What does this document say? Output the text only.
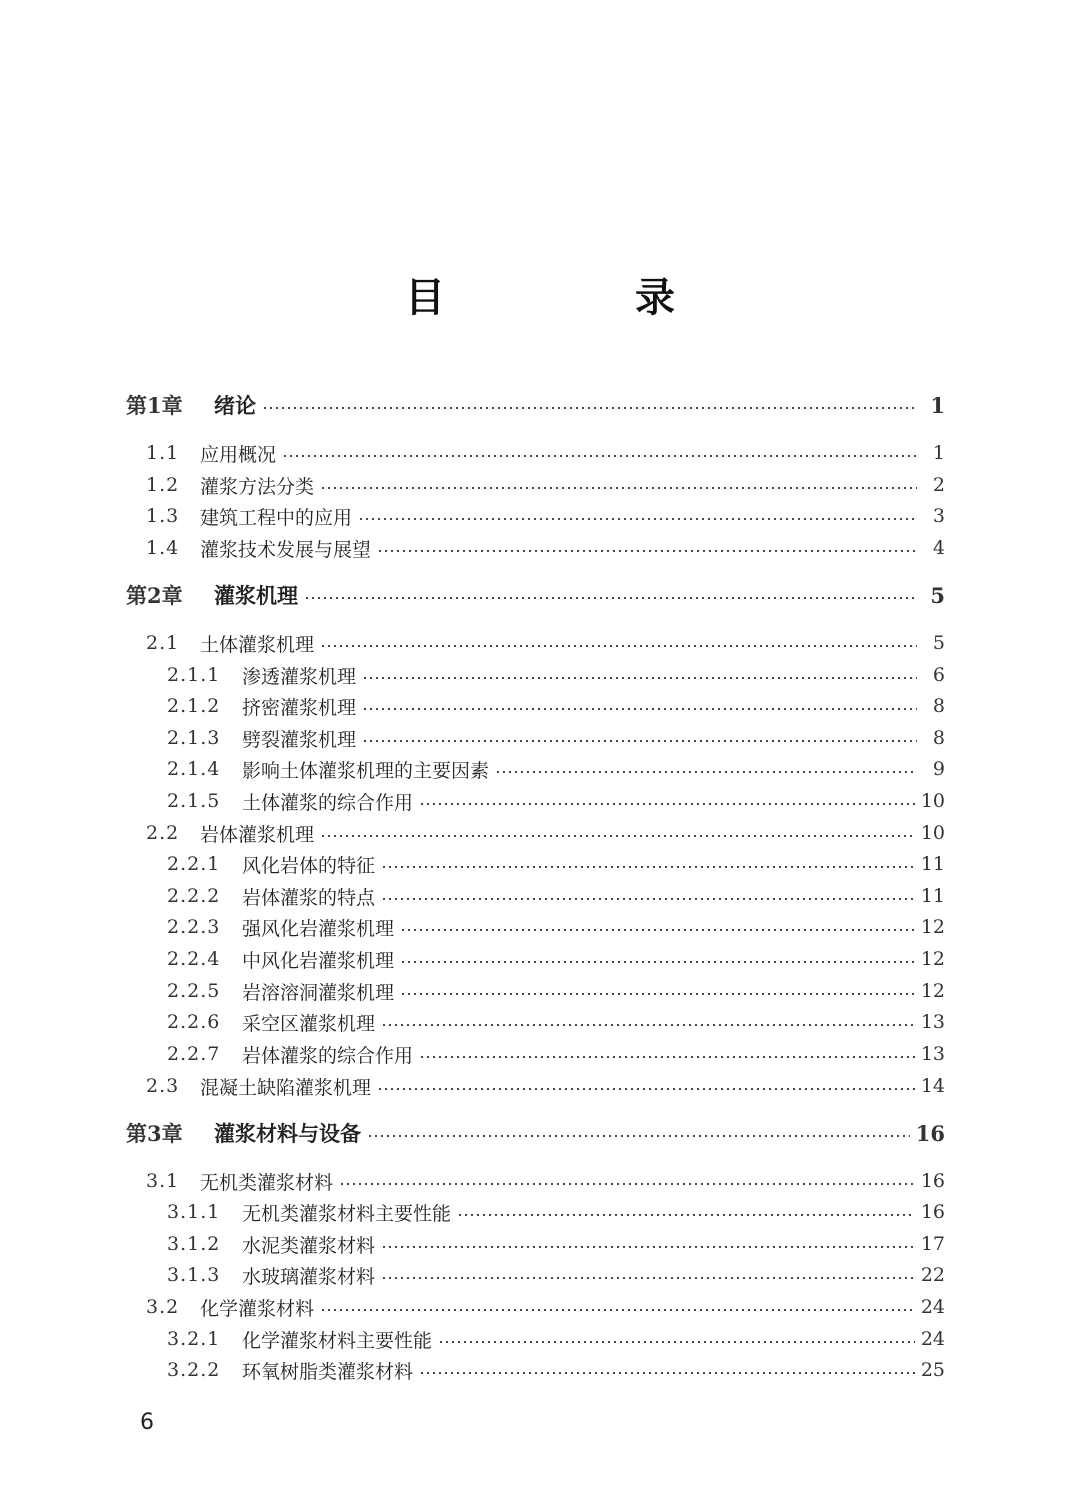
目 录
第1章	绪论	1
1.1	应用概况	1
1.2	灌浆方法分类	2
1.3	建筑工程中的应用	3
1.4	灌浆技术发展与展望	4
第2章	灌浆机理	5
2.1	土体灌浆机理	5
2.1.1	渗透灌浆机理	6
2.1.2	挤密灌浆机理	8
2.1.3	劈裂灌浆机理	8
2.1.4	影响土体灌浆机理的主要因素	9
2.1.5	土体灌浆的综合作用	10
2.2	岩体灌浆机理	10
2.2.1	风化岩体的特征	11
2.2.2	岩体灌浆的特点	11
2.2.3	强风化岩灌浆机理	12
2.2.4	中风化岩灌浆机理	12
2.2.5	岩溶溶洞灌浆机理	12
2.2.6	采空区灌浆机理	13
2.2.7	岩体灌浆的综合作用	13
2.3	混凝土缺陷灌浆机理	14
第3章	灌浆材料与设备	16
3.1	无机类灌浆材料	16
3.1.1	无机类灌浆材料主要性能	16
3.1.2	水泥类灌浆材料	17
3.1.3	水玻璃灌浆材料	22
3.2	化学灌浆材料	24
3.2.1	化学灌浆材料主要性能	24
3.2.2	环氧树脂类灌浆材料	25
6
